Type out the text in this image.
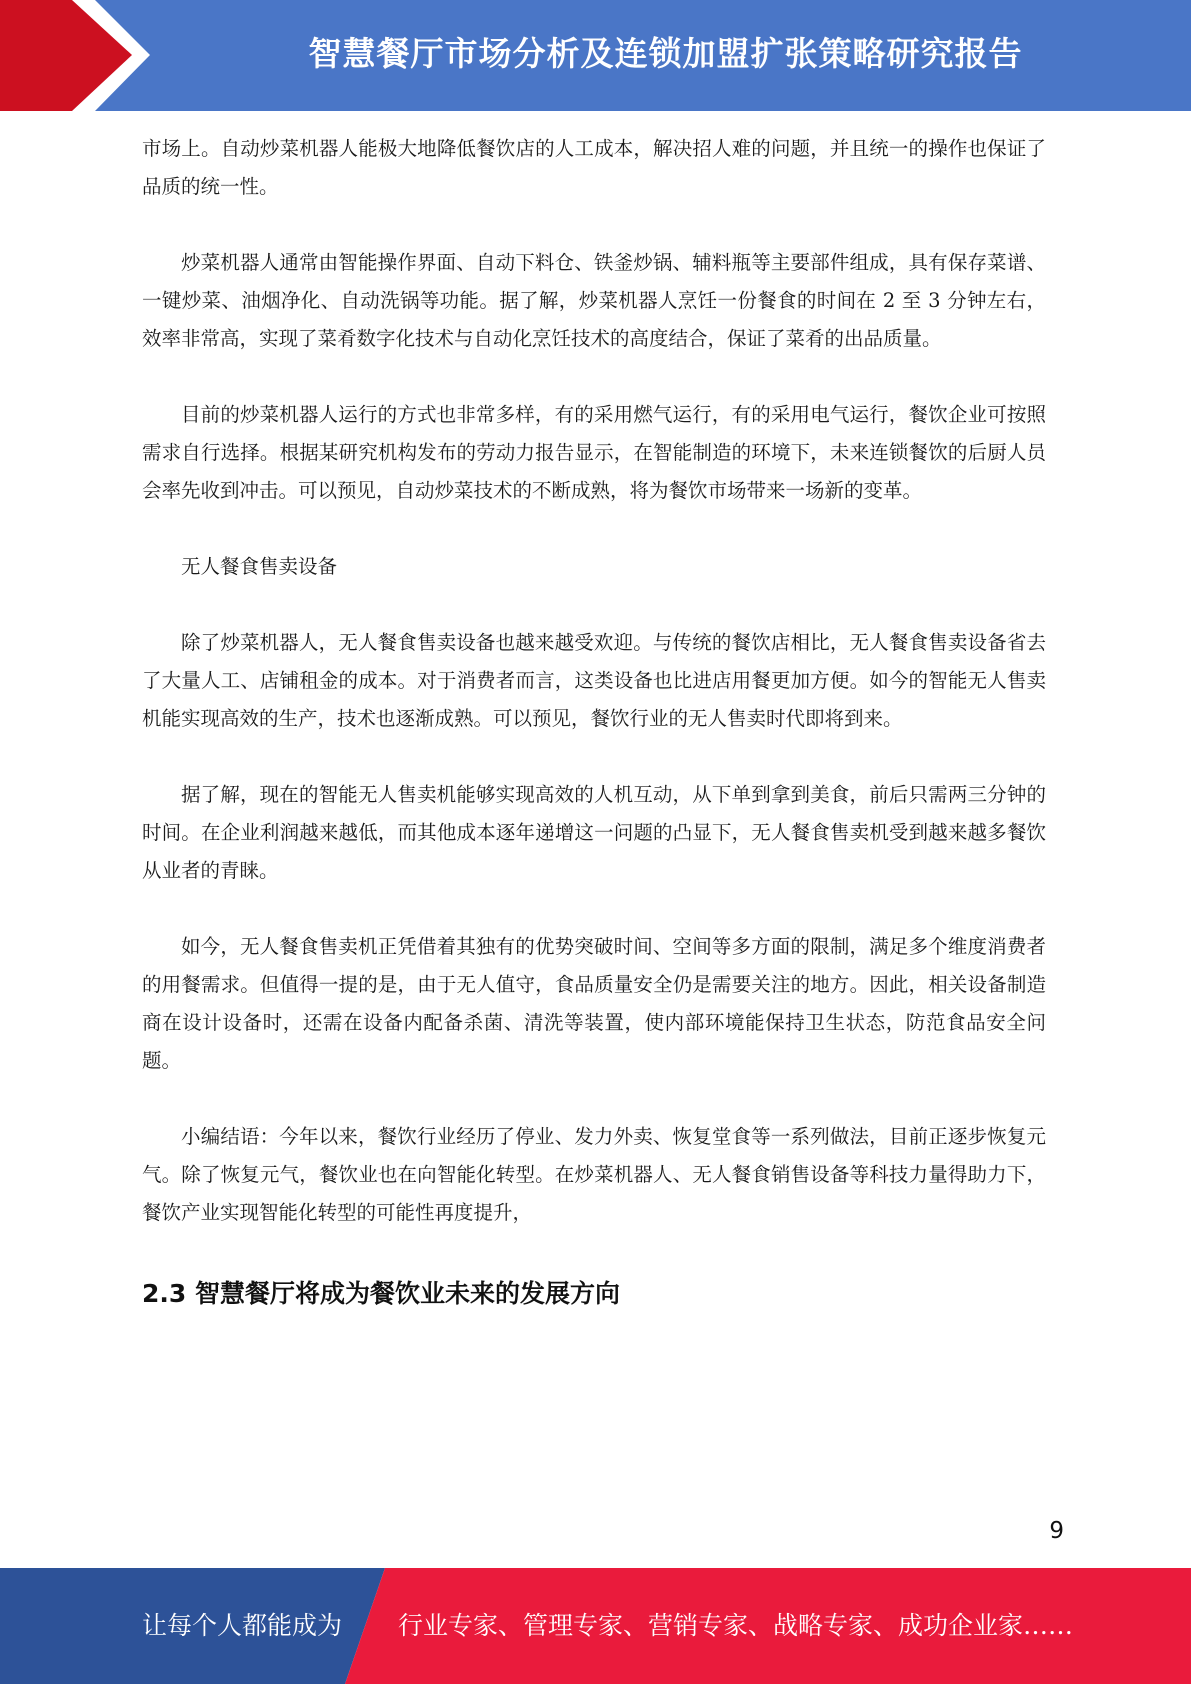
智慧餐厅市场分析及连锁加盟扩张策略研究报告

市场上。自动炒菜机器人能极大地降低餐饮店的人工成本，解决招人难的问题，并且统一的操作也保证了品质的统一性。

炒菜机器人通常由智能操作界面、自动下料仓、铁釜炒锅、辅料瓶等主要部件组成，具有保存菜谱、一键炒菜、油烟净化、自动洗锅等功能。据了解，炒菜机器人烹饪一份餐食的时间在 2 至 3 分钟左右，效率非常高，实现了菜肴数字化技术与自动化烹饪技术的高度结合，保证了菜肴的出品质量。

目前的炒菜机器人运行的方式也非常多样，有的采用燃气运行，有的采用电气运行，餐饮企业可按照需求自行选择。根据某研究机构发布的劳动力报告显示，在智能制造的环境下，未来连锁餐饮的后厨人员会率先收到冲击。可以预见，自动炒菜技术的不断成熟，将为餐饮市场带来一场新的变革。

无人餐食售卖设备

除了炒菜机器人，无人餐食售卖设备也越来越受欢迎。与传统的餐饮店相比，无人餐食售卖设备省去了大量人工、店铺租金的成本。对于消费者而言，这类设备也比进店用餐更加方便。如今的智能无人售卖机能实现高效的生产，技术也逐渐成熟。可以预见，餐饮行业的无人售卖时代即将到来。

据了解，现在的智能无人售卖机能够实现高效的人机互动，从下单到拿到美食，前后只需两三分钟的时间。在企业利润越来越低，而其他成本逐年递增这一问题的凸显下，无人餐食售卖机受到越来越多餐饮从业者的青睐。

如今，无人餐食售卖机正凭借着其独有的优势突破时间、空间等多方面的限制，满足多个维度消费者的用餐需求。但值得一提的是，由于无人值守，食品质量安全仍是需要关注的地方。因此，相关设备制造商在设计设备时，还需在设备内配备杀菌、清洗等装置，使内部环境能保持卫生状态，防范食品安全问题。

小编结语：今年以来，餐饮行业经历了停业、发力外卖、恢复堂食等一系列做法，目前正逐步恢复元气。除了恢复元气，餐饮业也在向智能化转型。在炒菜机器人、无人餐食销售设备等科技力量得助力下，餐饮产业实现智能化转型的可能性再度提升，

2.3 智慧餐厅将成为餐饮业未来的发展方向
9
让每个人都能成为 行业专家、管理专家、营销专家、战略专家、成功企业家……
